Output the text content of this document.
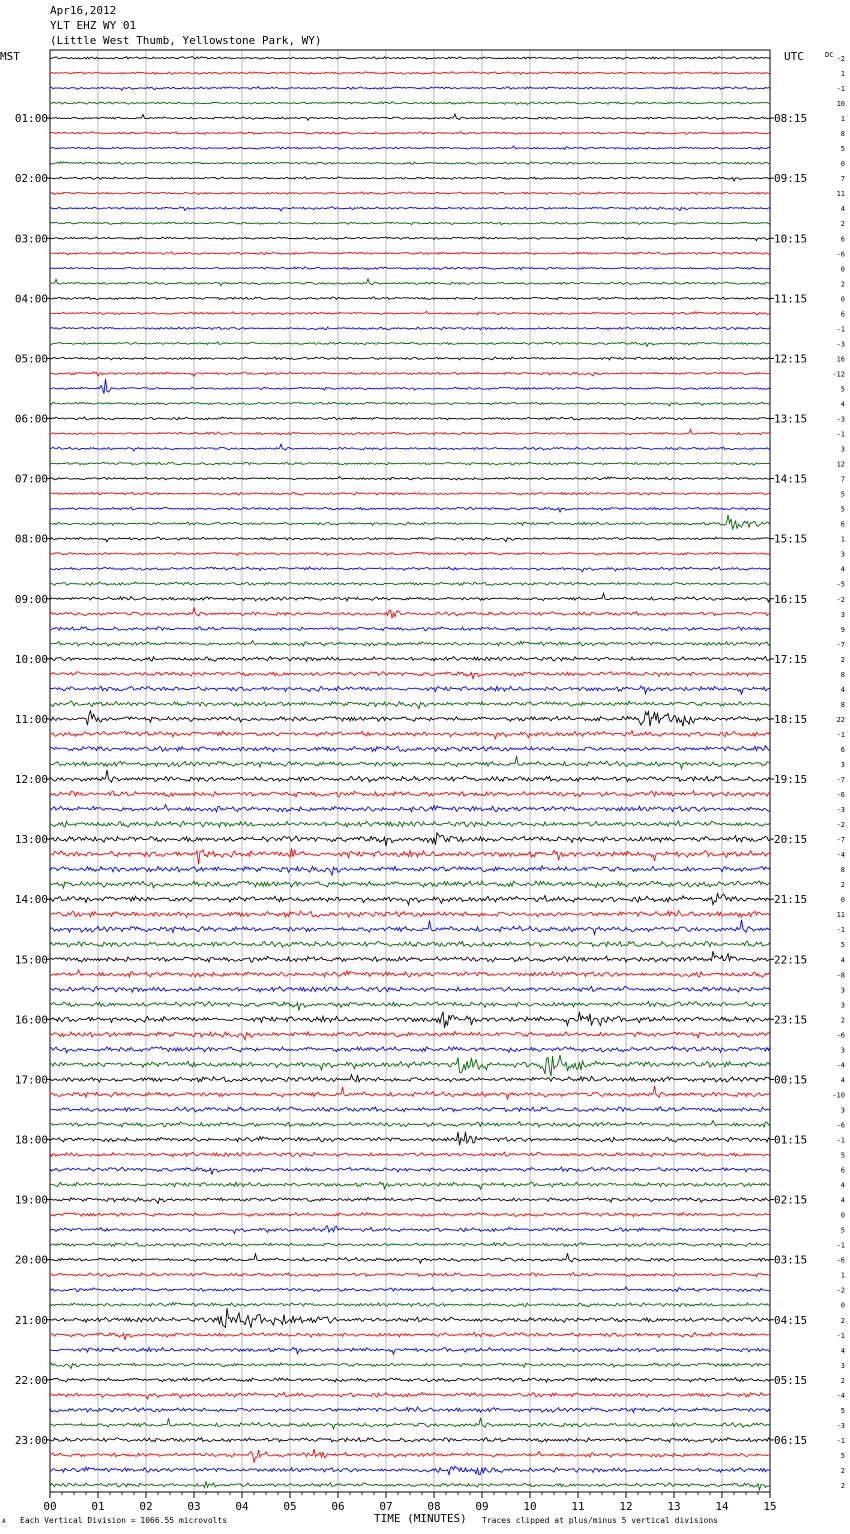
Apr16,2012
YLT EHZ WY 01
(Little West Thumb, Yellowstone Park, WY)
MST	UTC	DC
00	01	02	03	04	05	06	07	08	09	10	11	12	13	14	15
-2
1
-1
10
1
01:00	08:15
8
5
0
7
02:00	09:15
11
4
2
6
03:00	10:15
-6
0
2
0
04:00	11:15
6
-1
-3
16
05:00	12:15
-12
5
4
-3
06:00	13:15
-1
3
12
7
07:00	14:15
5
5
6
1
08:00	15:15
3
4
-5
-2
09:00	16:15
3
9
-7
2
10:00	17:15
8
4
8
22
11:00	18:15
-1
6
3
-7
12:00	19:15
-6
-3
-2
-7
13:00	20:15
-4
8
2
0
14:00	21:15
11
-1
5
4
15:00	22:15
-8
3
3
2
16:00	23:15
-6
3
-4
4
17:00	00:15
-10
3
-6
-1
18:00	01:15
5
6
4
4
19:00	02:15
0
5
-1
-6
20:00	03:15
1
-2
0
2
21:00	04:15
-1
4
3
2
22:00	05:15
-4
5
-3
-1
23:00	06:15
5
2
2
A Each Vertical Division = 1066.55 microvolts	TIME (MINUTES) Traces clipped at plus/minus 5 vertical divisions
